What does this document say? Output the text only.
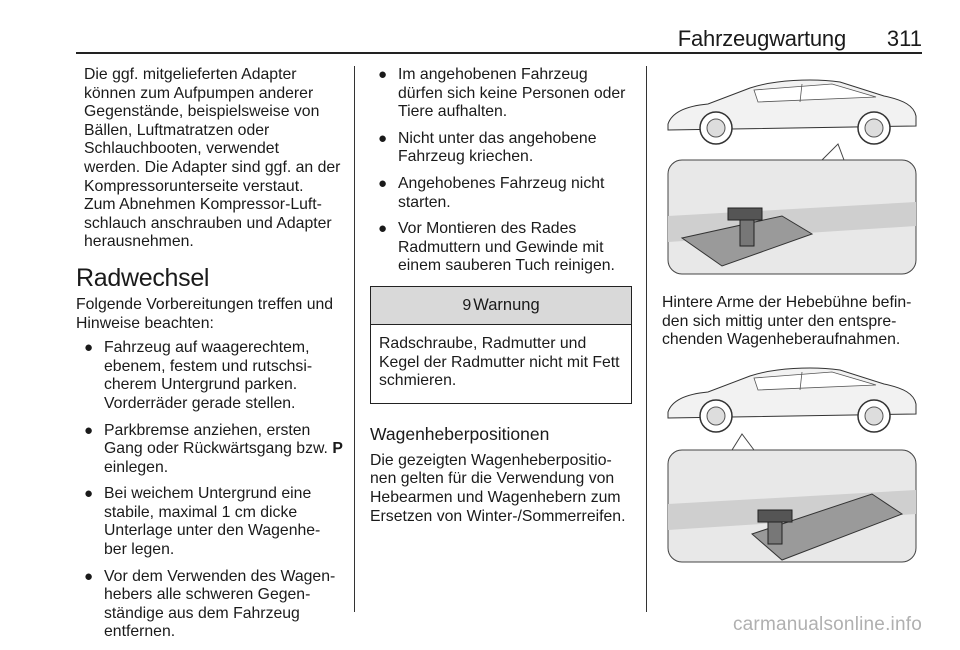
Fahrzeugwartung 311

Die ggf. mitgelieferten Adapter

können zum Aufpumpen anderer

Gegenstände, beispielsweise von

Bällen, Luftmatratzen oder

Schlauchbooten, verwendet

werden. Die Adapter sind ggf. an der

Kompressorunterseite verstaut.

Zum Abnehmen Kompressor-Luft-

schlauch anschrauben und Adapter

herausnehmen.

Radwechsel

Folgende Vorbereitungen treffen und Hinweise beachten:

● Fahrzeug auf waagerechtem, ebenem, festem und rutschsi- cherem Untergrund parken. Vorderräder gerade stellen.
● Parkbremse anziehen, ersten Gang oder Rückwärtsgang bzw. P einlegen.
● Bei weichem Untergrund eine stabile, maximal 1 cm dicke Unterlage unter den Wagenhe- ber legen.
● Vor dem Verwenden des Wagen- hebers alle schweren Gegen- ständige aus dem Fahrzeug entfernen.
● Im angehobenen Fahrzeug dürfen sich keine Personen oder Tiere aufhalten.
● Nicht unter das angehobene Fahrzeug kriechen.
● Angehobenes Fahrzeug nicht starten.
● Vor Montieren des Rades Radmuttern und Gewinde mit einem sauberen Tuch reinigen.
9 Warnung
Radschraube, Radmutter und Kegel der Radmutter nicht mit Fett schmieren.
Wagenheberpositionen

Die gezeigten Wagenheberpositio- nen gelten für die Verwendung von Hebearmen und Wagenhebern zum Ersetzen von Winter-/Sommerreifen.

Hintere Arme der Hebebühne befin- den sich mittig unter den entspre- chenden Wagenheberaufnahmen.

carmanualsonline.info
